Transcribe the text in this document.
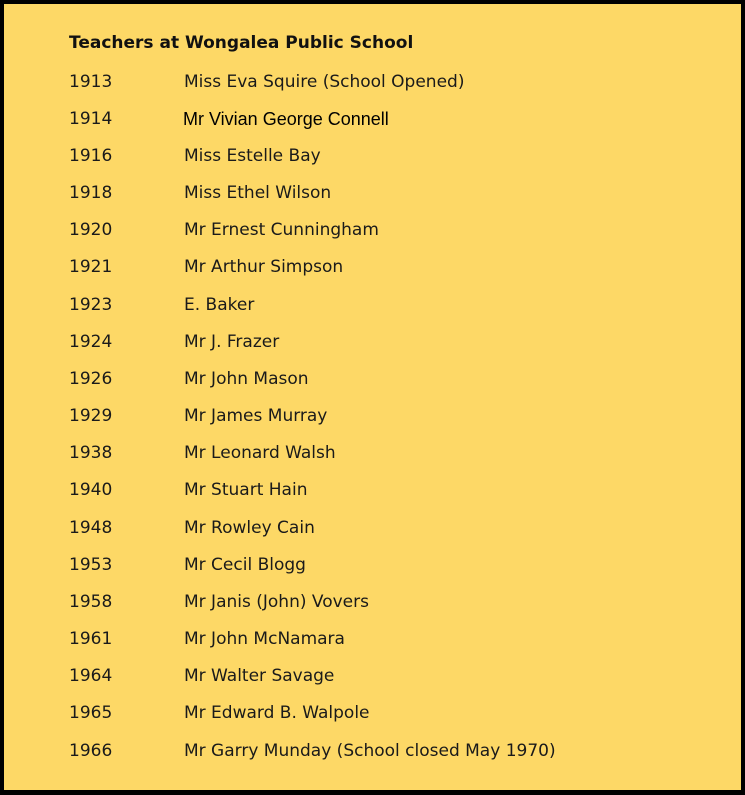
Teachers at Wongalea Public School
1913	Miss Eva Squire (School Opened)
1914	Mr Vivian George Connell
1916	Miss Estelle Bay
1918	Miss Ethel Wilson
1920	Mr Ernest Cunningham
1921	Mr Arthur Simpson
1923	E. Baker
1924	Mr J. Frazer
1926	Mr John Mason
1929	Mr James Murray
1938	Mr Leonard Walsh
1940	Mr Stuart Hain
1948	Mr Rowley Cain
1953	Mr Cecil Blogg
1958	Mr Janis (John) Vovers
1961	Mr John McNamara
1964	Mr Walter Savage
1965	Mr Edward B. Walpole
1966	Mr Garry Munday (School closed May 1970)
